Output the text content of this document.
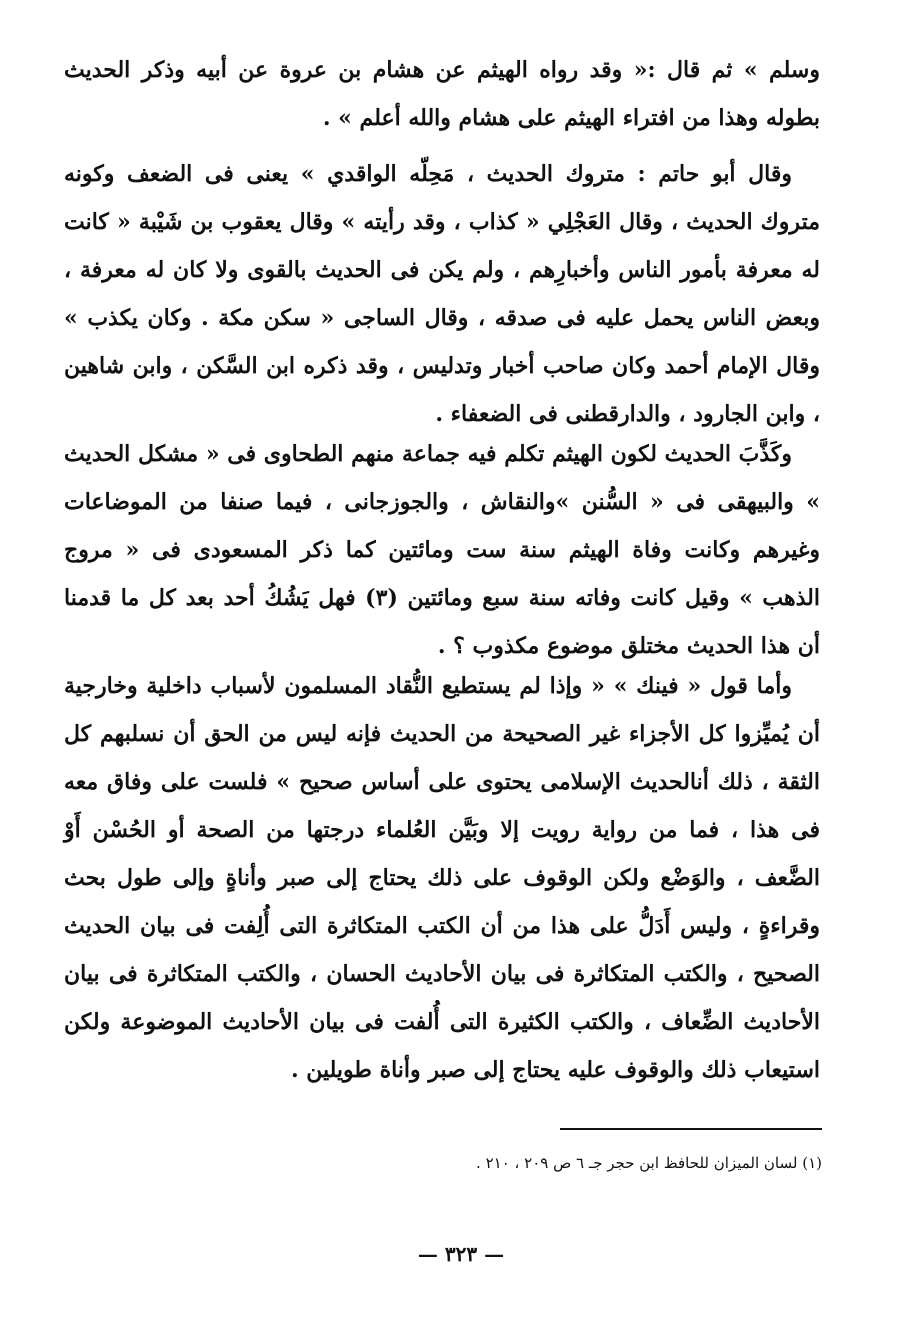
وسلم » ثم قال :« وقد رواه الهيثم عن هشام بن عروة عن أبيه وذكر الحديث بطوله وهذا من افتراء الهيثم على هشام والله أعلم » .

وقال أبو حاتم : متروك الحديث ، مَحِلّه الواقدي » يعنى فى الضعف وكونه متروك الحديث ، وقال العَجْلِي « كذاب ، وقد رأيته » وقال يعقوب بن شَيْبة « كانت له معرفة بأمور الناس وأخبارِهم ، ولم يكن فى الحديث بالقوى ولا كان له معرفة ، وبعض الناس يحمل عليه فى صدقه ، وقال الساجى « سكن مكة . وكان يكذب » وقال الإمام أحمد وكان صاحب أخبار وتدليس ، وقد ذكره ابن السَّكن ، وابن شاهين ، وابن الجارود ، والدارقطنى فى الضعفاء .

وكَذَّبَ الحديث لكون الهيثم تكلم فيه جماعة منهم الطحاوى فى « مشكل الحديث » والبيهقى فى « السُّنن »والنقاش ، والجوزجانى ، فيما صنفا من الموضاعات وغيرهم وكانت وفاة الهيثم سنة ست ومائتين كما ذكر المسعودى فى « مروج الذهب » وقيل كانت وفاته سنة سبع ومائتين (٣) فهل يَشُكُ أحد بعد كل ما قدمنا أن هذا الحديث مختلق موضوع مكذوب ؟ .

وأما قول « فينك » « وإذا لم يستطيع النُّقاد المسلمون لأسباب داخلية وخارجية أن يُميِّزوا كل الأجزاء غير الصحيحة من الحديث فإنه ليس من الحق أن نسلبهم كل الثقة ، ذلك أنالحديث الإسلامى يحتوى على أساس صحيح » فلست على وفاق معه فى هذا ، فما من رواية رويت إلا وبَيَّن العُلماء درجتها من الصحة أو الحُسْن أَوْ الضَّعف ، والوَضْع ولكن الوقوف على ذلك يحتاج إلى صبر وأناةٍ وإلى طول بحث وقراءةٍ ، وليس أَدَلُّ على هذا من أن الكتب المتكاثرة التى أُلِفت فى بيان الحديث الصحيح ، والكتب المتكاثرة فى بيان الأحاديث الحسان ، والكتب المتكاثرة فى بيان الأحاديث الضِّعاف ، والكتب الكثيرة التى أُلفت فى بيان الأحاديث الموضوعة ولكن استيعاب ذلك والوقوف عليه يحتاج إلى صبر وأناة طويلين .

(١) لسان الميزان للحافظ ابن حجر جـ ٦ ص ٢٠٩ ، ٢١٠ .
— ٣٢٣ —
